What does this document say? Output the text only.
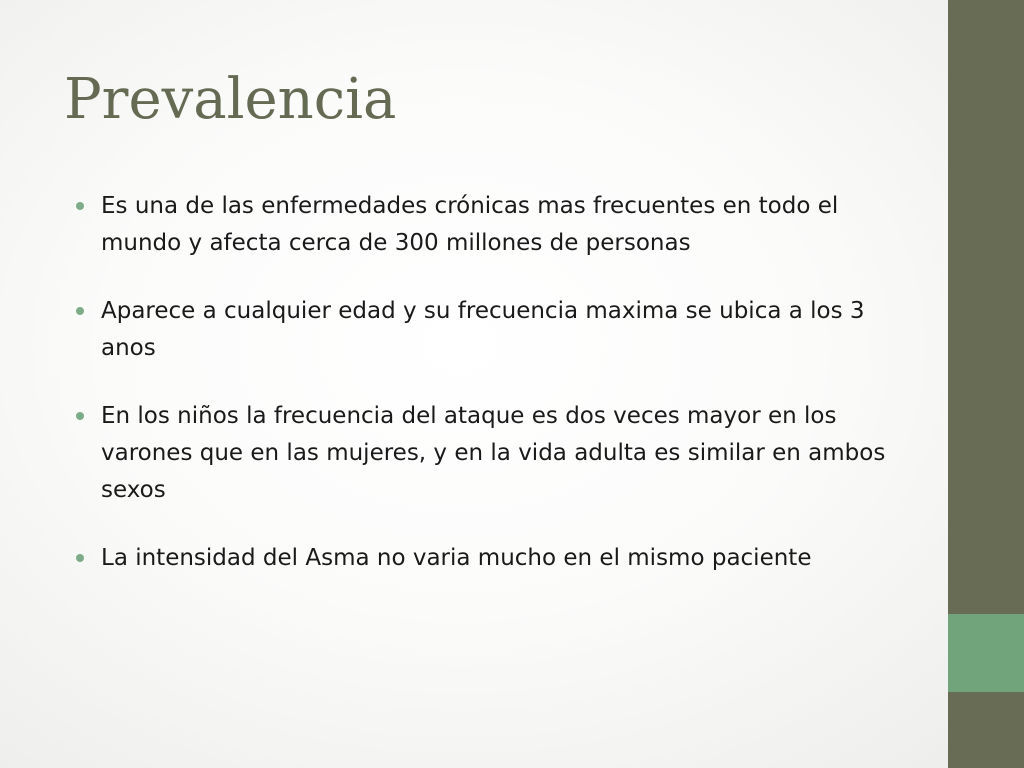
Prevalencia
Es una de las enfermedades crónicas mas frecuentes en todo el mundo y afecta cerca de 300 millones de personas
Aparece a cualquier edad y su frecuencia maxima se ubica a los 3 anos
En los niños la frecuencia del ataque es dos veces mayor en los varones que en las mujeres, y en la vida adulta es similar en ambos sexos
La intensidad del Asma no varia mucho en el mismo paciente
